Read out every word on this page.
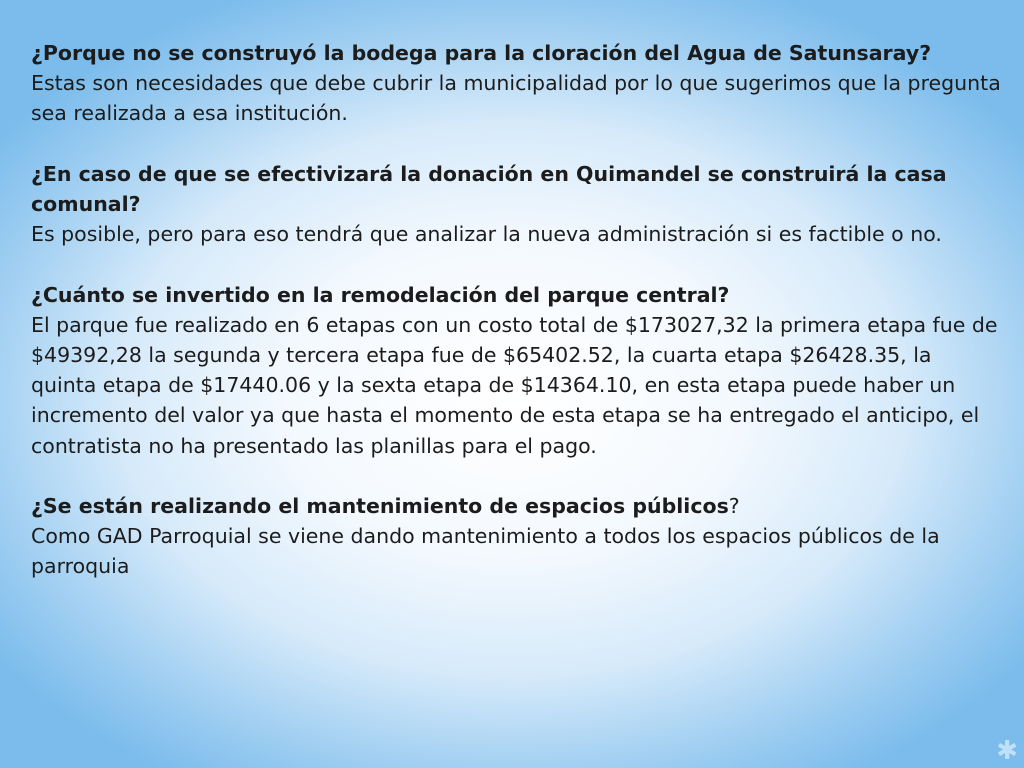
¿Porque no se construyó la bodega para la cloración del Agua de Satunsaray?
Estas son necesidades que debe cubrir la municipalidad por lo que sugerimos que la pregunta sea realizada a esa institución.
¿En caso de que se efectivizará la donación en Quimandel se construirá la casa comunal?
Es posible, pero para eso tendrá que analizar la nueva administración si es factible o no.
¿Cuánto se invertido en la remodelación del parque central?
El parque fue realizado en 6 etapas con un costo total de $173027,32 la primera etapa fue de $49392,28 la segunda y tercera etapa fue de $65402.52, la cuarta etapa $26428.35, la quinta etapa de $17440.06 y la sexta etapa de $14364.10, en esta etapa puede haber un incremento del valor ya que hasta el momento de esta etapa se ha entregado el anticipo, el contratista no ha presentado las planillas para el pago.
¿Se están realizando el mantenimiento de espacios públicos?
Como GAD Parroquial se viene dando mantenimiento a todos los espacios públicos de la parroquia
✱
